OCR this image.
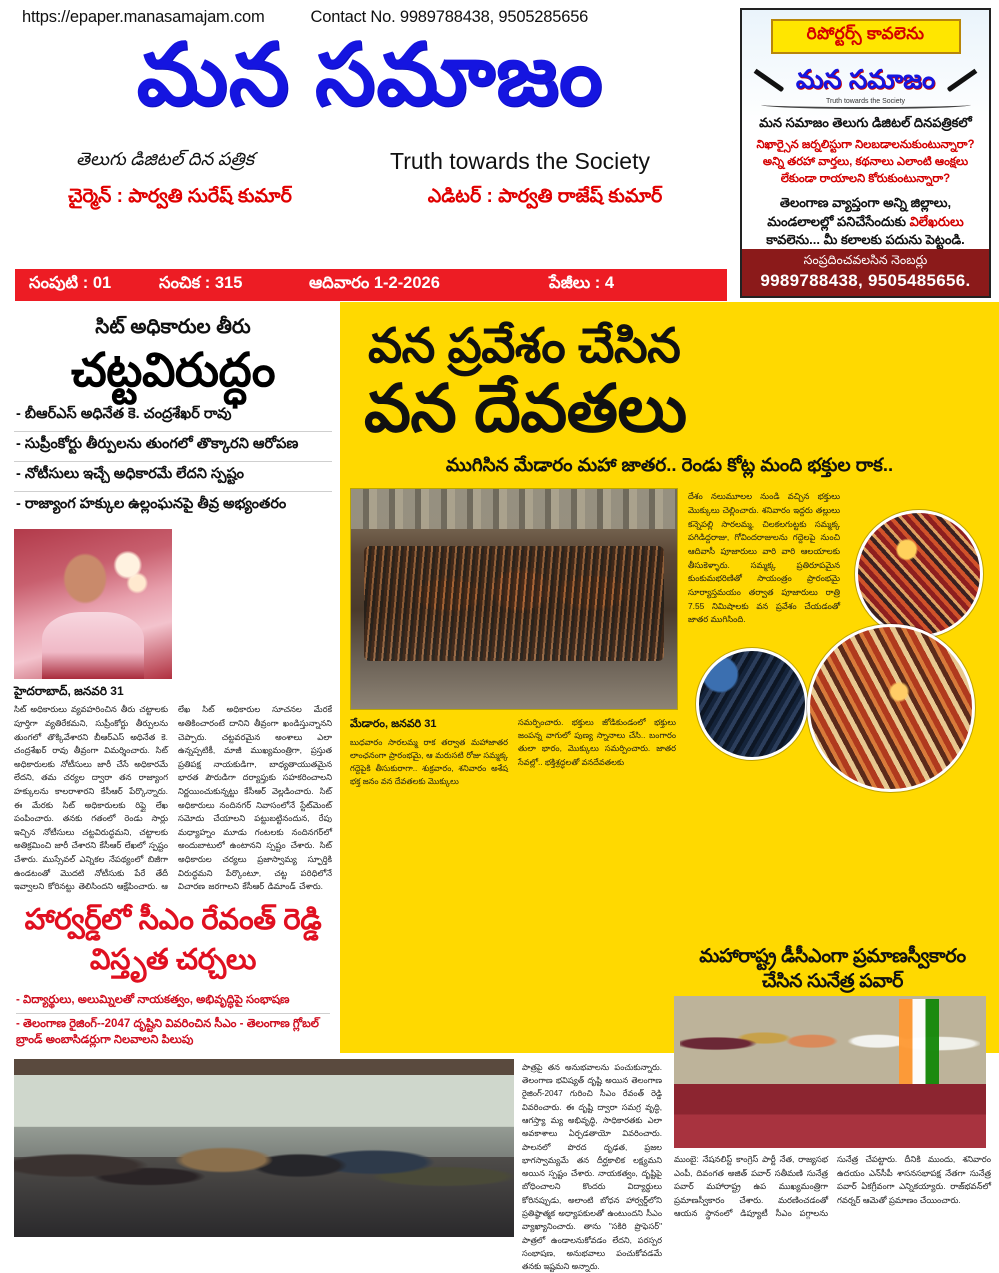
https://epaper.manasamajam.com	Contact No. 9989788438, 9505285656
మన సమాజం
తెలుగు డిజిటల్ దిన పత్రిక	Truth towards the Society
చైర్మెన్ : పార్వతి సురేష్ కుమార్	ఎడిటర్ : పార్వతి రాజేష్ కుమార్
సంపుటి : 01	సంచిక : 315	ఆదివారం 1-2-2026	పేజీలు : 4
రిపోర్టర్స్ కావలెను
మన సమాజం
Truth towards the Society
మన సమాజం తెలుగు డిజిటల్ దినపత్రికలో
నిఖార్సైన జర్నలిస్టుగా నిలబడాలనుకుంటున్నారా? అన్ని తరహా వార్తలు, కథనాలు ఎలాంటి ఆంక్షలు లేకుండా రాయాలని కోరుకుంటున్నారా?
తెలంగాణ వ్యాప్తంగా అన్ని జిల్లాలు, మండలాలల్లో పనిచేసేందుకు విలేఖరులు కావలెను... మీ కలాలకు పదును పెట్టండి.
సంప్రదించవలసిన నెంబర్లు
9989788438, 9505485656.
సిట్ అధికారుల తీరు
చట్టవిరుద్ధం
- బీఆర్ఎస్ అధినేత కె. చంద్రశేఖర్ రావు
- సుప్రీంకోర్టు తీర్పులను తుంగలో తొక్కారని ఆరోపణ
- నోటీసులు ఇచ్చే అధికారమే లేదని స్పష్టం
- రాజ్యాంగ హక్కుల ఉల్లంఘనపై తీవ్ర అభ్యంతరం
హైదరాబాద్, జనవరి 31
సిట్ అధికారులు వ్యవహరించిన తీరు చట్టాలకు పూర్తిగా వ్యతిరేకమని, సుప్రీంకోర్టు తీర్పులను తుంగలో తొక్కివేశారని బీఆర్ఎస్ అధినేత కె. చంద్రశేఖర్ రావు తీవ్రంగా విమర్శించారు. సిట్ అధికారులకు నోటీసులు జారీ చేసే అధికారమే లేదని, తమ చర్యల ద్వారా తన రాజ్యాంగ హక్కులను కాలరాశారని కేసీఆర్ పేర్కొన్నారు. ఈ మేరకు సిట్ అధికారులకు రిప్లై లేఖ పంపించారు. తనకు గతంలో రెండు సార్లు ఇచ్చిన నోటీసులు చట్టవిరుద్ధమని, చట్టాలకు అతిక్రమించి జారీ చేశారని కేసీఆర్ లేఖలో స్పష్టం చేశారు. ముస్సేవల్ ఎన్నికల నేపథ్యంలో బిజీగా ఉండటంతో మొదటి నోటీసుకు పేరే తేదీ ఇవ్వాలని కోరినట్టు తెలిసిందని ఆక్షేపించారు. ఆ లేఖ సిట్ అధికారుల సూచనల మేరకే అతికించారంటే దానిని తీవ్రంగా ఖండిస్తున్నానని చెప్పారు. చట్టవరమైన అంశాలు ఎలా ఉన్నప్పటికీ, మాజీ ముఖ్యమంత్రిగా, ప్రస్తుత ప్రతిపక్ష నాయకుడిగా, బాధ్యతాయుతమైన భారత పౌరుడిగా దర్యాప్తుకు సహకరించాలని నిర్ణయించుకున్నట్టు కేసీఆర్ వెల్లడించారు. సిట్ అధికారులు నందినగర్ నివాసంలోనే స్టేట్‌మెంట్ సమోదు చేయాలని పట్టుబట్టినందున, రేపు మధ్యాహ్నం మూడు గంటలకు నందినగర్‌లో అందుబాటులో ఉంటానని స్పష్టం చేశారు. సిట్ అధికారుల చర్యలు ప్రజాస్వామ్య స్ఫూర్తికి విరుద్ధమని పేర్కొంటూ, చట్ట పరిధిలోనే విచారణ జరగాలని కేసీఆర్ డిమాండ్ చేశారు.
హార్వర్డ్‌లో సీఎం రేవంత్ రెడ్డి విస్తృత చర్చలు
- విద్యార్థులు, అలుమ్నిలతో నాయకత్వం, అభివృద్ధిపై సంభాషణ
- తెలంగాణ రైజింగ్--2047 దృష్టిని వివరించిన సీఎం - తెలంగాణ గ్లోబల్ బ్రాండ్ అంబాసిడర్లుగా నిలవాలని పిలుపు
వన ప్రవేశం చేసిన
వన దేవతలు
ముగిసిన మేడారం మహా జాతర.. రెండు కోట్ల మంది భక్తుల రాక..
మేడారం, జనవరి 31
బుధవారం సారలమ్మ రాక తర్వాత మహాజాతర లాంఛనంగా ప్రారంభమై, ఆ మరుసటి రోజు సమ్మక్క గద్దెపైకి తీసుకురాగా.. శుక్రవారం, శనివారం అశేష భక్త జనం వన దేవతలకు మొక్కులు
సమర్పించారు. భక్తులు జోడికుండంలో భక్తులు జంపన్న వాగులో పుణ్య స్నానాలు చేసి.. బంగారం తులా భారం, మొక్కులు సమర్పించారు. జాతర సేవల్లో.. భక్తిశ్రద్ధలతో వనదేవతలకు
దేశం నలుమూలల నుండి వచ్చిన భక్తులు మొక్కులు చెల్లించారు. శనివారం ఇద్దరు తల్లులు కన్నెపల్లి సారలమ్మ, చిలకలగుట్టకు సమ్మక్క పగిడిద్దరాజు, గోవిందరాజులను గద్దెలపై నుంచి ఆదివాసీ పూజారులు వారి వారి ఆలయాలకు తీసుకెళ్ళారు. సమ్మక్క ప్రతిరూపమైన కుంకుమభరిణితో సాయంత్రం ప్రారంభమై సూర్యాస్తమయం తర్వాత పూజారులు రాత్రి 7.55 నిమిషాలకు వన ప్రవేశం చేయడంతో జాతర ముగిసింది.
పాత్రపై తన అనుభవాలను పంచుకున్నారు. తెలంగాణ భవిష్యత్ దృష్టి అయిన తెలంగాణ రైజింగ్-2047 గురించి సీఎం రేవంత్ రెడ్డి వివరించారు. ఈ దృష్టి ద్వారా సమగ్ర వృద్ధి, ఆగస్త్యా మ్య అభివృద్ధి, సాధికారతకు ఎలా అవకాశాలు ఏర్పడతాయో వివరించారు. పాలనలో పొరద దృఢత, ప్రజల భాగస్వామ్యమే తన దీర్ఘకాలిక లక్ష్యమని అయిన స్పష్టం చేశారు. నాయకత్వం, దృష్టిపై బోధించాలని కొందరు విద్యార్థులు కోరినప్పుడు, అలాంటి బోధన హార్వర్డ్‌లోని ప్రతిష్ఠాత్మక అధ్యాపకులతో ఉంటుందని సీఎం వ్యాఖ్యానించారు. తాను "సకిరి ప్రొఫెసర్" పాత్రలో ఉండాలనుకోవడం లేదని, పరస్పర సంభాషణ, అనుభవాలు పంచుకోవడమే తనకు ఇష్టమని అన్నారు.
మహారాష్ట్ర డీసీఎంగా ప్రమాణస్వీకారం
చేసిన సునేత్ర పవార్
ముంబై: నేషనలిస్ట్ కాంగ్రెస్ పార్టీ నేత, రాజ్యసభ ఎంపీ, దివంగత అజిత్ పవార్ సతీమణి సునేత్ర పవార్ మహారాష్ట్ర ఉప ముఖ్యమంత్రిగా ప్రమాణస్వీకారం చేశారు. మరణించడంతో ఆయన స్థానంలో డిప్యూటీ సీఎం పగ్గాలను సునేత్ర చేపట్టారు. దీనికి ముందు, శనివారం ఉదయం ఎన్‌సీపీ శాసనసభాపక్ష నేతగా సునేత్ర పవార్ ఏకగ్రీవంగా ఎన్నికయ్యారు. రాజ్‌భవన్‌లో గవర్నర్ ఆమెతో ప్రమాణం చేయించారు.
